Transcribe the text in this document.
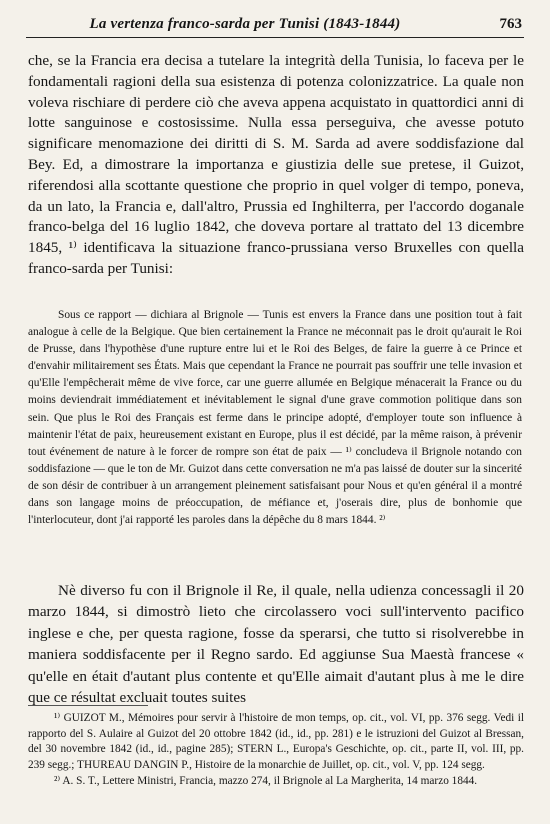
La vertenza franco-sarda per Tunisi (1843-1844)	763

che, se la Francia era decisa a tutelare la integrità della Tunisia, lo faceva per le fondamentali ragioni della sua esistenza di potenza colonizzatrice. La quale non voleva rischiare di perdere ciò che aveva appena acquistato in quattordici anni di lotte sanguinose e costosissime. Nulla essa perseguiva, che avesse potuto significare menomazione dei diritti di S. M. Sarda ad avere soddisfazione dal Bey. Ed, a dimostrare la importanza e giustizia delle sue pretese, il Guizot, riferendosi alla scottante questione che proprio in quel volger di tempo, poneva, da un lato, la Francia e, dall'altro, Prussia ed Inghilterra, per l'accordo doganale franco-belga del 16 luglio 1842, che doveva portare al trattato del 13 dicembre 1845, ¹⁾ identificava la situazione franco-prussiana verso Bruxelles con quella franco-sarda per Tunisi:

Sous ce rapport — dichiara al Brignole — Tunis est envers la France dans une position tout à fait analogue à celle de la Belgique. Que bien certainement la France ne méconnait pas le droit qu'aurait le Roi de Prusse, dans l'hypothèse d'une rupture entre lui et le Roi des Belges, de faire la guerre à ce Prince et d'envahir militairement ses États. Mais que cependant la France ne pourrait pas souffrir une telle invasion et qu'Elle l'empêcherait même de vive force, car une guerre allumée en Belgique ménacerait la France ou du moins deviendrait immédiatement et inévitablement le signal d'une grave commotion politique dans son sein. Que plus le Roi des Français est ferme dans le principe adopté, d'employer toute son influence à maintenir l'état de paix, heureusement existant en Europe, plus il est décidé, par la même raison, à prévenir tout événement de nature à le forcer de rompre son état de paix — ¹⁾ concludeva il Brignole notando con soddisfazione — que le ton de Mr. Guizot dans cette conversation ne m'a pas laissé de douter sur la sincerité de son désir de contribuer à un arrangement pleinement satisfaisant pour Nous et qu'en général il a montré dans son langage moins de préoccupation, de méfiance et, j'oserais dire, plus de bonhomie que l'interlocuteur, dont j'ai rapporté les paroles dans la dépêche du 8 mars 1844. ²⁾

Nè diverso fu con il Brignole il Re, il quale, nella udienza concessagli il 20 marzo 1844, si dimostrò lieto che circolassero voci sull'intervento pacifico inglese e che, per questa ragione, fosse da sperarsi, che tutto si risolverebbe in maniera soddisfacente per il Regno sardo. Ed aggiunse Sua Maestà francese « qu'elle en était d'autant plus contente et qu'Elle aimait d'autant plus à me le dire que ce résultat excluait toutes suites

¹⁾ GUIZOT M., Mémoires pour servir à l'histoire de mon temps, op. cit., vol. VI, pp. 376 segg. Vedi il rapporto del S. Aulaire al Guizot del 20 ottobre 1842 (id., id., pp. 281) e le istruzioni del Guizot al Bressan, del 30 novembre 1842 (id., id., pagine 285); STERN L., Europa's Geschichte, op. cit., parte II, vol. III, pp. 239 segg.; THUREAU DANGIN P., Histoire de la monarchie de Juillet, op. cit., vol. V, pp. 124 segg.

²⁾ A. S. T., Lettere Ministri, Francia, mazzo 274, il Brignole al La Margherita, 14 marzo 1844.
